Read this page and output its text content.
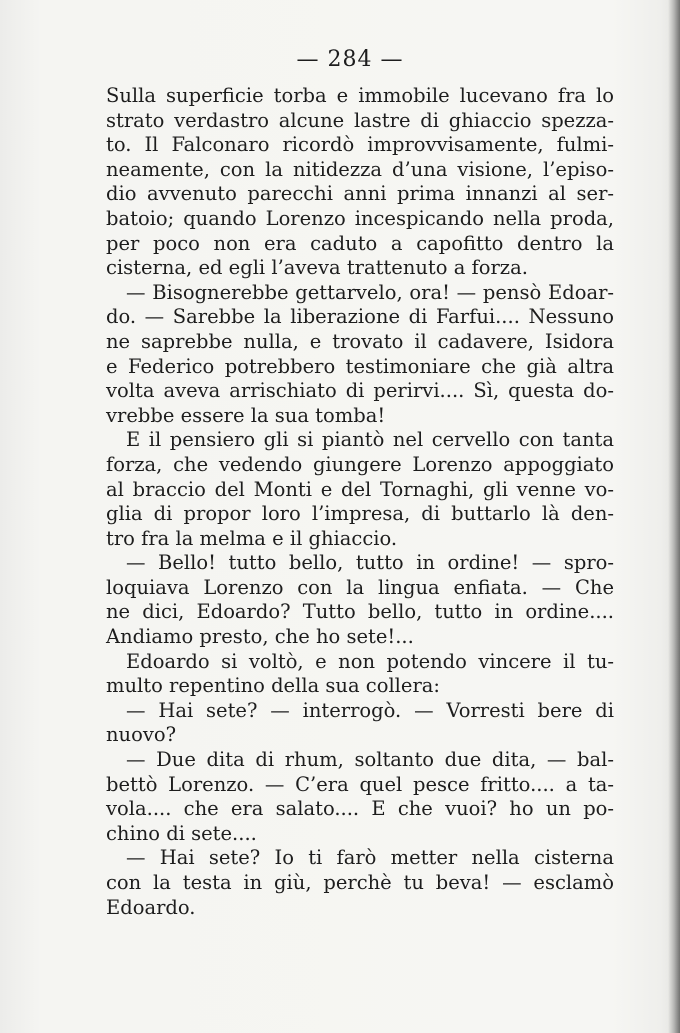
— 284 —
Sulla superficie torba e immobile lucevano fra lo
strato verdastro alcune lastre di ghiaccio spezza-
to. Il Falconaro ricordò improvvisamente, fulmi-
neamente, con la nitidezza d’una visione, l’episo-
dio avvenuto parecchi anni prima innanzi al ser-
batoio; quando Lorenzo incespicando nella proda,
per poco non era caduto a capofitto dentro la
cisterna, ed egli l’aveva trattenuto a forza.
— Bisognerebbe gettarvelo, ora! — pensò Edoar-
do. — Sarebbe la liberazione di Farfui.... Nessuno
ne saprebbe nulla, e trovato il cadavere, Isidora
e Federico potrebbero testimoniare che già altra
volta aveva arrischiato di perirvi.... Sì, questa do-
vrebbe essere la sua tomba!
E il pensiero gli si piantò nel cervello con tanta
forza, che vedendo giungere Lorenzo appoggiato
al braccio del Monti e del Tornaghi, gli venne vo-
glia di propor loro l’impresa, di buttarlo là den-
tro fra la melma e il ghiaccio.
— Bello! tutto bello, tutto in ordine! — spro-
loquiava Lorenzo con la lingua enfiata. — Che
ne dici, Edoardo? Tutto bello, tutto in ordine....
Andiamo presto, che ho sete!...
Edoardo si voltò, e non potendo vincere il tu-
multo repentino della sua collera:
— Hai sete? — interrogò. — Vorresti bere di
nuovo?
— Due dita di rhum, soltanto due dita, — bal-
bettò Lorenzo. — C’era quel pesce fritto.... a ta-
vola.... che era salato.... E che vuoi? ho un po-
chino di sete....
— Hai sete? Io ti farò metter nella cisterna
con la testa in giù, perchè tu beva! — esclamò
Edoardo.
